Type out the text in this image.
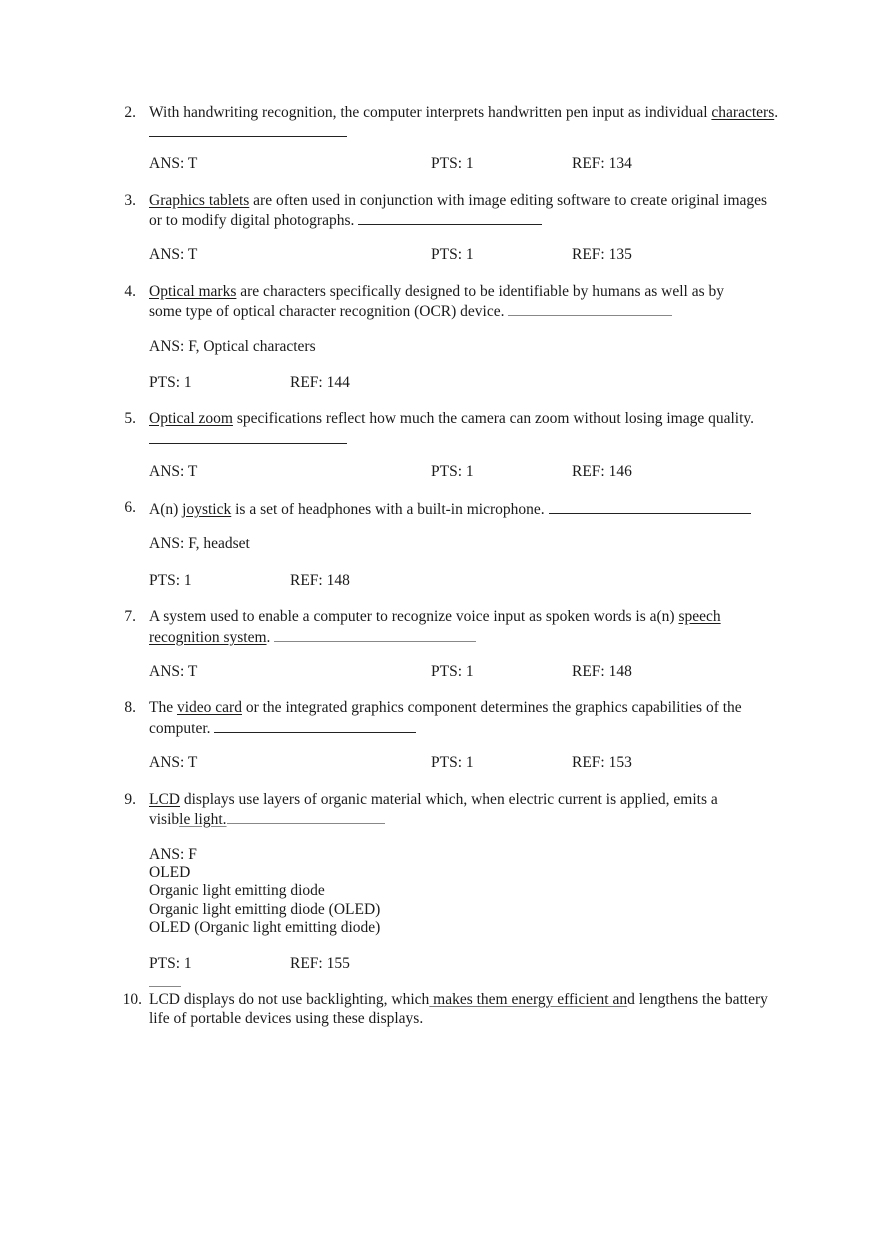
2. With handwriting recognition, the computer interprets handwritten pen input as individual characters.
ANS: T	PTS: 1	REF: 134
3. Graphics tablets are often used in conjunction with image editing software to create original images
or to modify digital photographs.
ANS: T	PTS: 1	REF: 135
4. Optical marks are characters specifically designed to be identifiable by humans as well as by
some type of optical character recognition (OCR) device.
ANS: F, Optical characters
PTS: 1	REF: 144
5. Optical zoom specifications reflect how much the camera can zoom without losing image quality.
ANS: T	PTS: 1	REF: 146
6. A(n) joystick is a set of headphones with a built-in microphone.
ANS: F, headset
PTS: 1	REF: 148
7. A system used to enable a computer to recognize voice input as spoken words is a(n) speech
recognition system.
ANS: T	PTS: 1	REF: 148
8. The video card or the integrated graphics component determines the graphics capabilities of the
computer.
ANS: T	PTS: 1	REF: 153
9. LCD displays use layers of organic material which, when electric current is applied, emits a
visible light.
ANS: F
OLED
Organic light emitting diode
Organic light emitting diode (OLED)
OLED (Organic light emitting diode)
PTS: 1	REF: 155
10. LCD displays do not use backlighting, which makes them energy efficient and lengthens the battery
life of portable devices using these displays.
